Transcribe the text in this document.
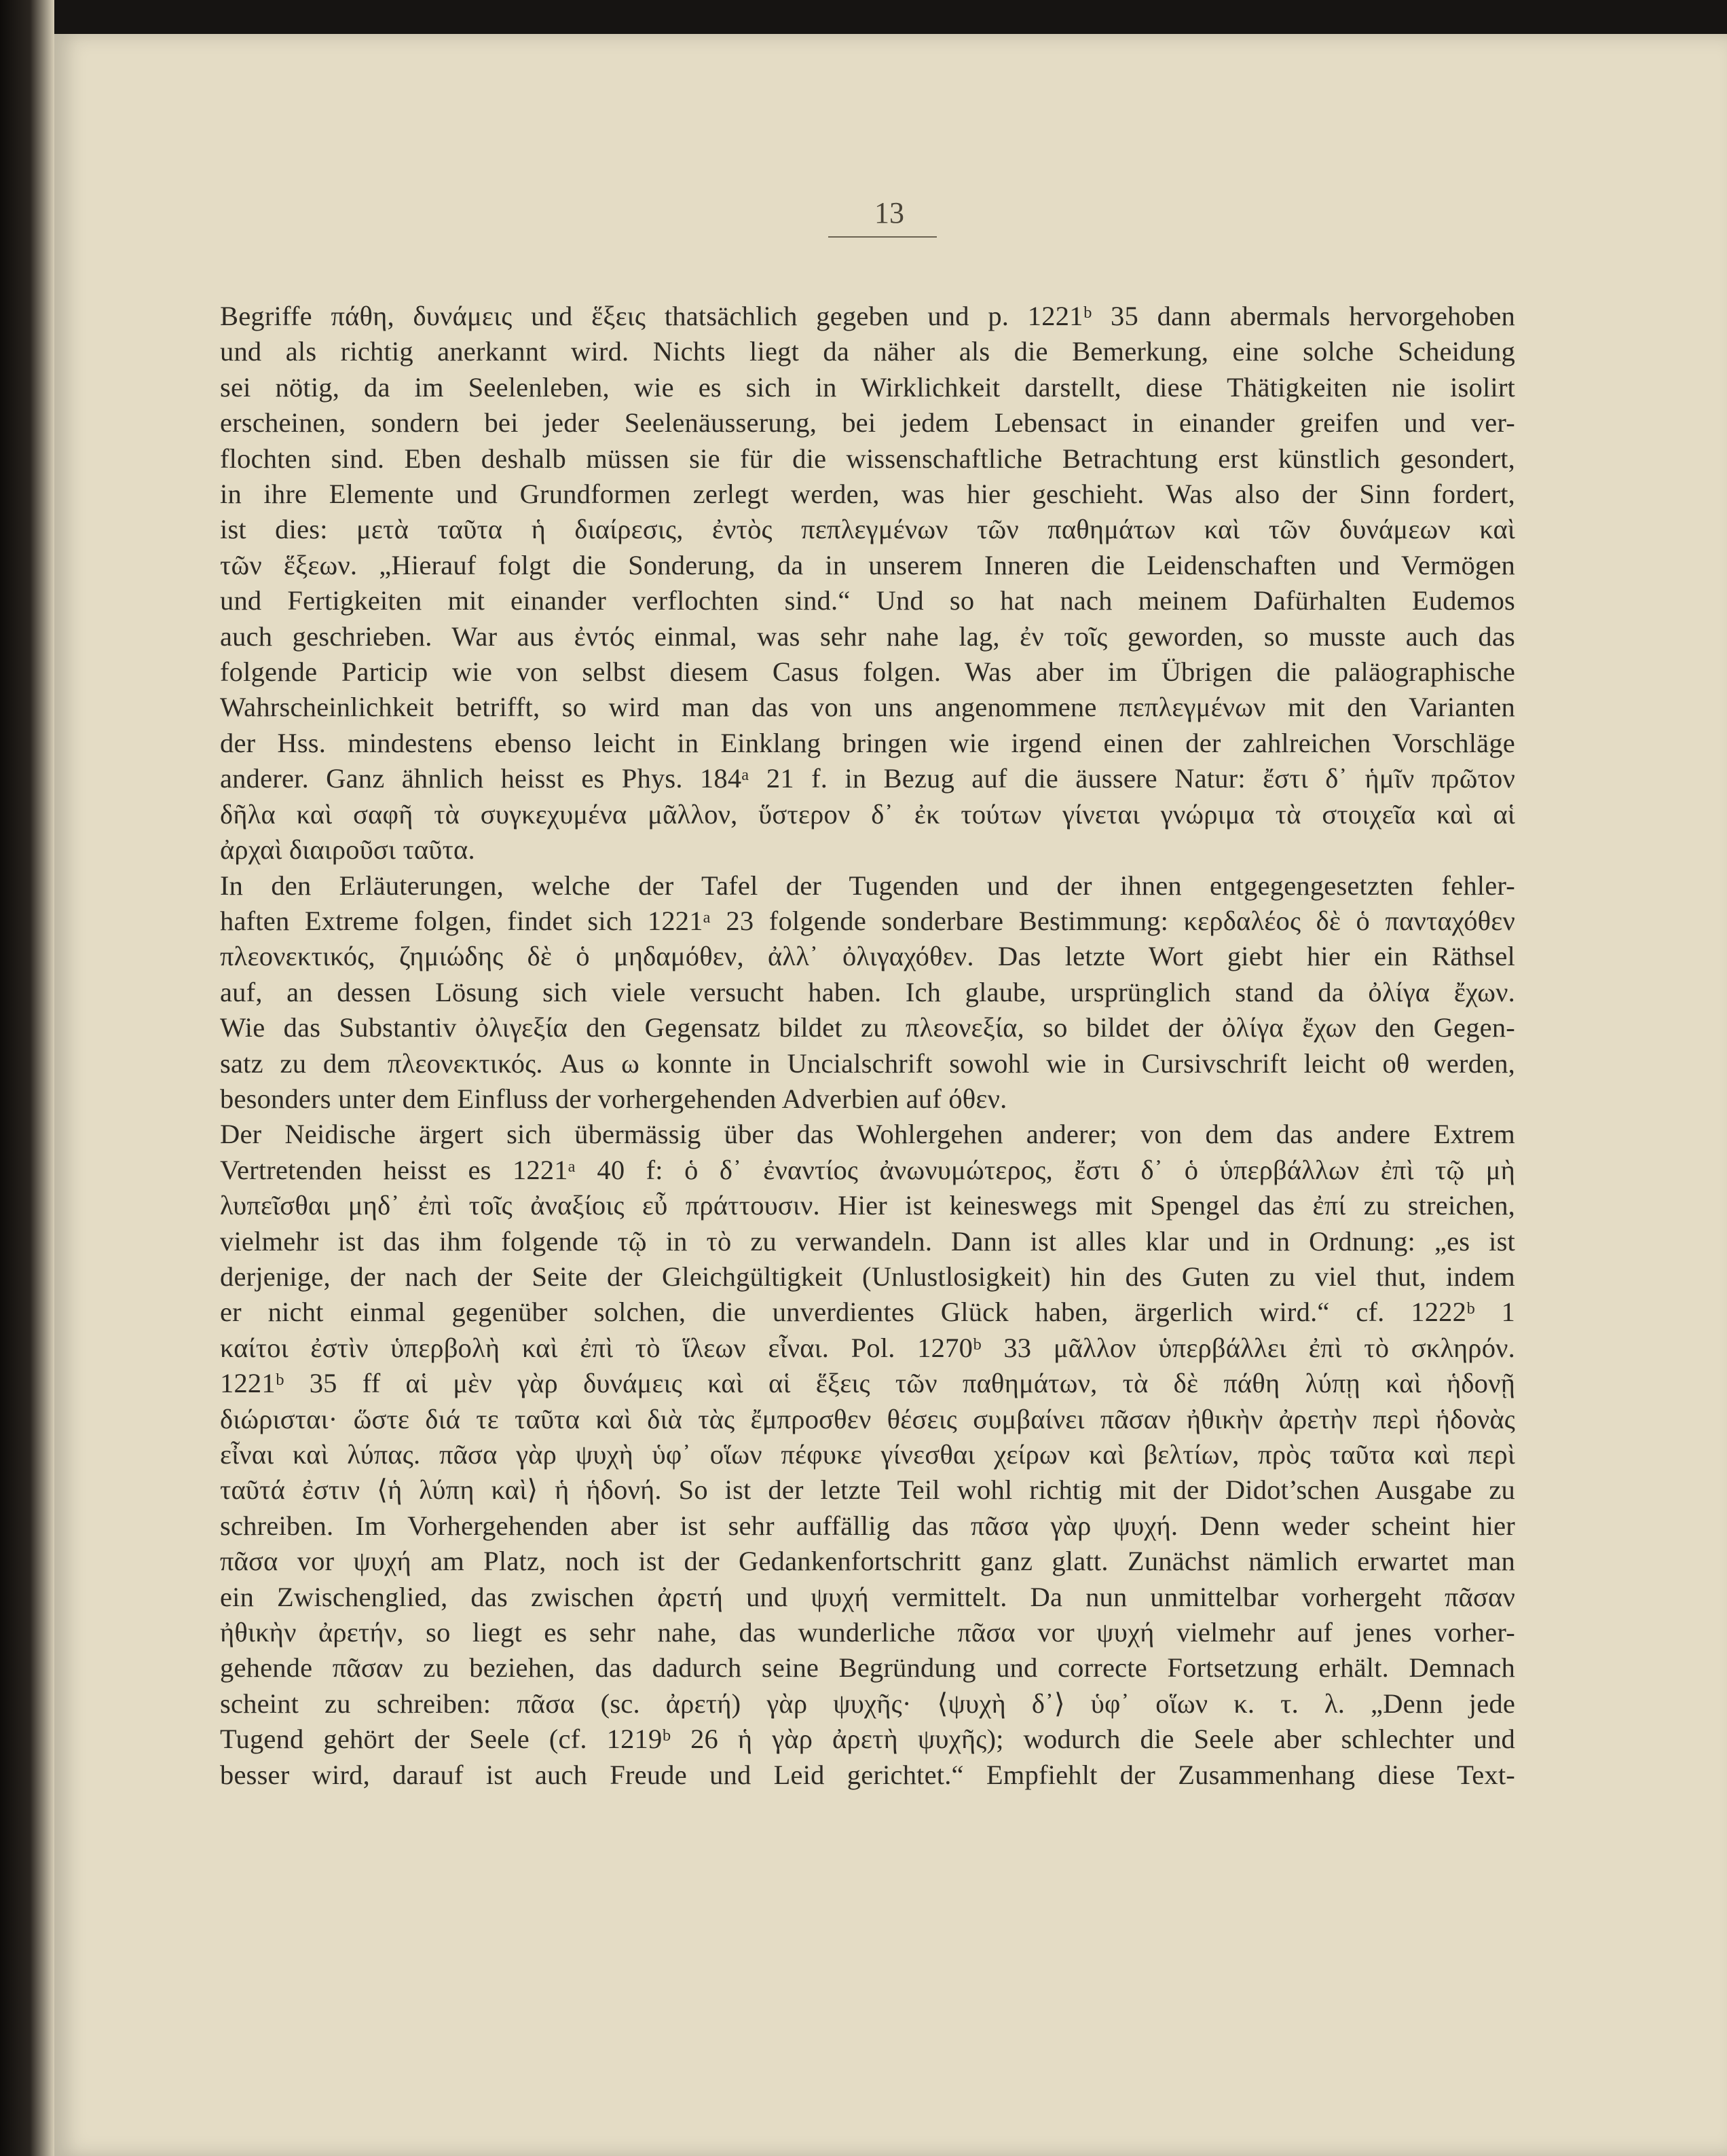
13

Begriffe πάθη, δυνάμεις und ἕξεις thatsächlich gegeben und p. 1221ᵇ 35 dann abermals hervorgehoben

und als richtig anerkannt wird. Nichts liegt da näher als die Bemerkung, eine solche Scheidung

sei nötig, da im Seelenleben, wie es sich in Wirklichkeit darstellt, diese Thätigkeiten nie isolirt

erscheinen, sondern bei jeder Seelenäusserung, bei jedem Lebensact in einander greifen und ver-

flochten sind. Eben deshalb müssen sie für die wissenschaftliche Betrachtung erst künstlich gesondert,

in ihre Elemente und Grundformen zerlegt werden, was hier geschieht. Was also der Sinn fordert,

ist dies: μετὰ ταῦτα ἡ διαίρεσις, ἐντὸς πεπλεγμένων τῶν παθημάτων καὶ τῶν δυνάμεων καὶ

τῶν ἕξεων. „Hierauf folgt die Sonderung, da in unserem Inneren die Leidenschaften und Vermögen

und Fertigkeiten mit einander verflochten sind.“ Und so hat nach meinem Dafürhalten Eudemos

auch geschrieben. War aus ἐντός einmal, was sehr nahe lag, ἐν τοῖς geworden, so musste auch das

folgende Particip wie von selbst diesem Casus folgen. Was aber im Übrigen die paläographische

Wahrscheinlichkeit betrifft, so wird man das von uns angenommene πεπλεγμένων mit den Varianten

der Hss. mindestens ebenso leicht in Einklang bringen wie irgend einen der zahlreichen Vorschläge

anderer. Ganz ähnlich heisst es Phys. 184ᵃ 21 f. in Bezug auf die äussere Natur: ἔστι δ᾽ ἡμῖν πρῶτον

δῆλα καὶ σαφῆ τὰ συγκεχυμένα μᾶλλον, ὕστερον δ᾽ ἐκ τούτων γίνεται γνώριμα τὰ στοιχεῖα καὶ αἱ

ἀρχαὶ διαιροῦσι ταῦτα.

In den Erläuterungen, welche der Tafel der Tugenden und der ihnen entgegengesetzten fehler-

haften Extreme folgen, findet sich 1221ᵃ 23 folgende sonderbare Bestimmung: κερδαλέος δὲ ὁ πανταχόθεν

πλεονεκτικός, ζημιώδης δὲ ὁ μηδαμόθεν, ἀλλ᾽ ὀλιγαχόθεν. Das letzte Wort giebt hier ein Räthsel

auf, an dessen Lösung sich viele versucht haben. Ich glaube, ursprünglich stand da ὀλίγα ἔχων.

Wie das Substantiv ὀλιγεξία den Gegensatz bildet zu πλεονεξία, so bildet der ὀλίγα ἔχων den Gegen-

satz zu dem πλεονεκτικός. Aus ω konnte in Uncialschrift sowohl wie in Cursivschrift leicht οθ werden,

besonders unter dem Einfluss der vorhergehenden Adverbien auf όθεν.

Der Neidische ärgert sich übermässig über das Wohlergehen anderer; von dem das andere Extrem

Vertretenden heisst es 1221ᵃ 40 f: ὁ δ᾽ ἐναντίος ἀνωνυμώτερος, ἔστι δ᾽ ὁ ὑπερβάλλων ἐπὶ τῷ μὴ

λυπεῖσθαι μηδ᾽ ἐπὶ τοῖς ἀναξίοις εὖ πράττουσιν. Hier ist keineswegs mit Spengel das ἐπί zu streichen,

vielmehr ist das ihm folgende τῷ in τὸ zu verwandeln. Dann ist alles klar und in Ordnung: „es ist

derjenige, der nach der Seite der Gleichgültigkeit (Unlustlosigkeit) hin des Guten zu viel thut, indem

er nicht einmal gegenüber solchen, die unverdientes Glück haben, ärgerlich wird.“ cf. 1222ᵇ 1

καίτοι ἐστὶν ὑπερβολὴ καὶ ἐπὶ τὸ ἵλεων εἶναι. Pol. 1270ᵇ 33 μᾶλλον ὑπερβάλλει ἐπὶ τὸ σκληρόν.

1221ᵇ 35 ff αἱ μὲν γὰρ δυνάμεις καὶ αἱ ἕξεις τῶν παθημάτων, τὰ δὲ πάθη λύπῃ καὶ ἡδονῇ

διώρισται· ὥστε διά τε ταῦτα καὶ διὰ τὰς ἔμπροσθεν θέσεις συμβαίνει πᾶσαν ἠθικὴν ἀρετὴν περὶ ἡδονὰς

εἶναι καὶ λύπας. πᾶσα γὰρ ψυχὴ ὑφ᾽ οἵων πέφυκε γίνεσθαι χείρων καὶ βελτίων, πρὸς ταῦτα καὶ περὶ

ταῦτά ἐστιν ⟨ἡ λύπη καὶ⟩ ἡ ἡδονή. So ist der letzte Teil wohl richtig mit der Didot’schen Ausgabe zu

schreiben. Im Vorhergehenden aber ist sehr auffällig das πᾶσα γὰρ ψυχή. Denn weder scheint hier

πᾶσα vor ψυχή am Platz, noch ist der Gedankenfortschritt ganz glatt. Zunächst nämlich erwartet man

ein Zwischenglied, das zwischen ἀρετή und ψυχή vermittelt. Da nun unmittelbar vorhergeht πᾶσαν

ἠθικὴν ἀρετήν, so liegt es sehr nahe, das wunderliche πᾶσα vor ψυχή vielmehr auf jenes vorher-

gehende πᾶσαν zu beziehen, das dadurch seine Begründung und correcte Fortsetzung erhält. Demnach

scheint zu schreiben: πᾶσα (sc. ἀρετή) γὰρ ψυχῆς· ⟨ψυχὴ δ᾽⟩ ὑφ᾽ οἵων κ. τ. λ. „Denn jede

Tugend gehört der Seele (cf. 1219ᵇ 26 ἡ γὰρ ἀρετὴ ψυχῆς); wodurch die Seele aber schlechter und

besser wird, darauf ist auch Freude und Leid gerichtet.“ Empfiehlt der Zusammenhang diese Text-
